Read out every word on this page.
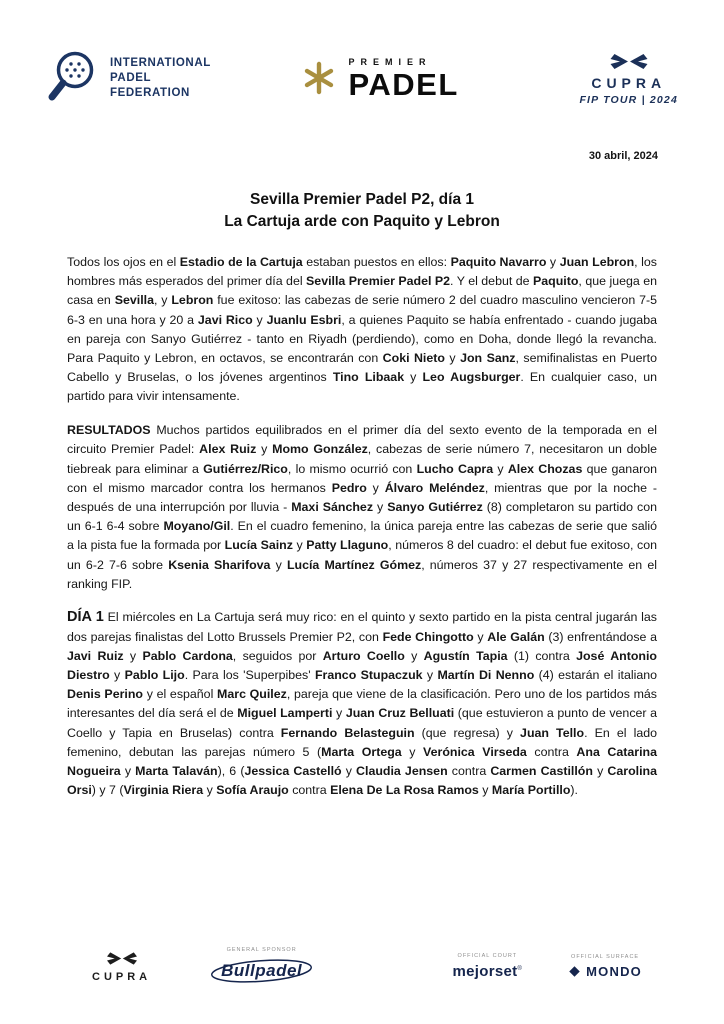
INTERNATIONAL
PADEL
FEDERATION
PREMIER
PADEL	CUPRA
FIP TOUR | 2024
30 abril, 2024
Sevilla Premier Padel P2, día 1
La Cartuja arde con Paquito y Lebron

Todos los ojos en el Estadio de la Cartuja estaban puestos en ellos: Paquito Navarro y Juan Lebron, los hombres más esperados del primer día del Sevilla Premier Padel P2. Y el debut de Paquito, que juega en casa en Sevilla, y Lebron fue exitoso: las cabezas de serie número 2 del cuadro masculino vencieron 7-5 6-3 en una hora y 20 a Javi Rico y Juanlu Esbri, a quienes Paquito se había enfrentado - cuando jugaba en pareja con Sanyo Gutiérrez - tanto en Riyadh (perdiendo), como en Doha, donde llegó la revancha. Para Paquito y Lebron, en octavos, se encontrarán con Coki Nieto y Jon Sanz, semifinalistas en Puerto Cabello y Bruselas, o los jóvenes argentinos Tino Libaak y Leo Augsburger. En cualquier caso, un partido para vivir intensamente.

RESULTADOS Muchos partidos equilibrados en el primer día del sexto evento de la temporada en el circuito Premier Padel: Alex Ruiz y Momo González, cabezas de serie número 7, necesitaron un doble tiebreak para eliminar a Gutiérrez/Rico, lo mismo ocurrió con Lucho Capra y Alex Chozas que ganaron con el mismo marcador contra los hermanos Pedro y Álvaro Meléndez, mientras que por la noche - después de una interrupción por lluvia - Maxi Sánchez y Sanyo Gutiérrez (8) completaron su partido con un 6-1 6-4 sobre Moyano/Gil. En el cuadro femenino, la única pareja entre las cabezas de serie que salió a la pista fue la formada por Lucía Sainz y Patty Llaguno, números 8 del cuadro: el debut fue exitoso, con un 6-2 7-6 sobre Ksenia Sharifova y Lucía Martínez Gómez, números 37 y 27 respectivamente en el ranking FIP.

DÍA 1 El miércoles en La Cartuja será muy rico: en el quinto y sexto partido en la pista central jugarán las dos parejas finalistas del Lotto Brussels Premier P2, con Fede Chingotto y Ale Galán (3) enfrentándose a Javi Ruiz y Pablo Cardona, seguidos por Arturo Coello y Agustín Tapia (1) contra José Antonio Diestro y Pablo Lijo. Para los 'Superpibes' Franco Stupaczuk y Martín Di Nenno (4) estarán el italiano Denis Perino y el español Marc Quilez, pareja que viene de la clasificación. Pero uno de los partidos más interesantes del día será el de Miguel Lamperti y Juan Cruz Belluati (que estuvieron a punto de vencer a Coello y Tapia en Bruselas) contra Fernando Belasteguin (que regresa) y Juan Tello. En el lado femenino, debutan las parejas número 5 (Marta Ortega y Verónica Virseda contra Ana Catarina Nogueira y Marta Talaván), 6 (Jessica Castelló y Claudia Jensen contra Carmen Castillón y Carolina Orsi) y 7 (Virginia Riera y Sofía Araujo contra Elena De La Rosa Ramos y María Portillo).

CUPRA
GENERAL SPONSOR
Bullpadel
OFFICIAL COURT
mejorset®
OFFICIAL SURFACE
MONDO
